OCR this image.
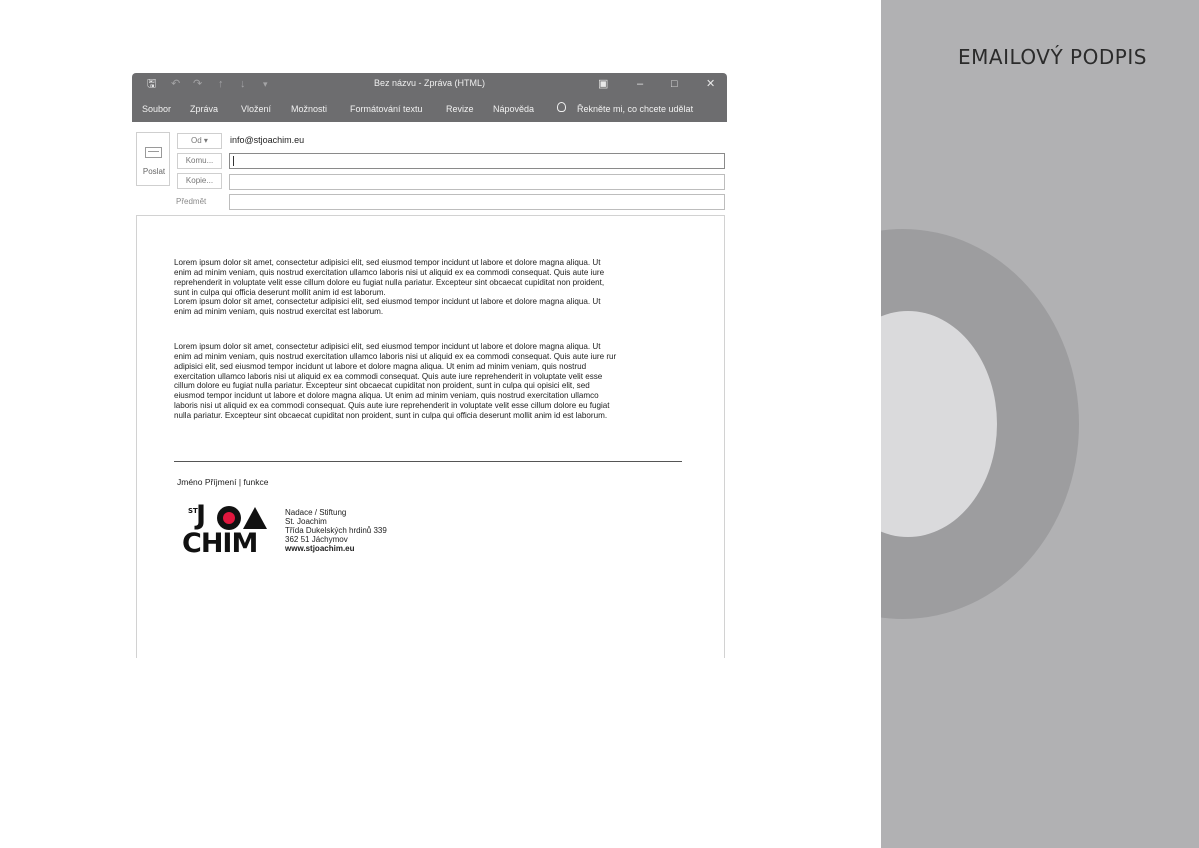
EMAILOVÝ PODPIS
🖫 ↶ ↷ ↑ ↓ ▾	Bez názvu - Zpráva (HTML)	▣	–	□	✕
Soubor Zpráva	Vložení Možnosti	Formátování textu	Revize Nápověda	Řekněte mi, co chcete udělat
Poslat
Od ▾	info@stjoachim.eu
Komu...
Kopie...
Předmět
Lorem ipsum dolor sit amet, consectetur adipisici elit, sed eiusmod tempor incidunt ut labore et dolore magna aliqua. Ut
enim ad minim veniam, quis nostrud exercitation ullamco laboris nisi ut aliquid ex ea commodi consequat. Quis aute iure
reprehenderit in voluptate velit esse cillum dolore eu fugiat nulla pariatur. Excepteur sint obcaecat cupiditat non proident,
sunt in culpa qui officia deserunt mollit anim id est laborum.
Lorem ipsum dolor sit amet, consectetur adipisici elit, sed eiusmod tempor incidunt ut labore et dolore magna aliqua. Ut
enim ad minim veniam, quis nostrud exercitat est laborum.
Lorem ipsum dolor sit amet, consectetur adipisici elit, sed eiusmod tempor incidunt ut labore et dolore magna aliqua. Ut
enim ad minim veniam, quis nostrud exercitation ullamco laboris nisi ut aliquid ex ea commodi consequat. Quis aute iure rur
adipisici elit, sed eiusmod tempor incidunt ut labore et dolore magna aliqua. Ut enim ad minim veniam, quis nostrud
exercitation ullamco laboris nisi ut aliquid ex ea commodi consequat. Quis aute iure reprehenderit in voluptate velit esse
cillum dolore eu fugiat nulla pariatur. Excepteur sint obcaecat cupiditat non proident, sunt in culpa qui opisici elit, sed
eiusmod tempor incidunt ut labore et dolore magna aliqua. Ut enim ad minim veniam, quis nostrud exercitation ullamco
laboris nisi ut aliquid ex ea commodi consequat. Quis aute iure reprehenderit in voluptate velit esse cillum dolore eu fugiat
nulla pariatur. Excepteur sint obcaecat cupiditat non proident, sunt in culpa qui officia deserunt mollit anim id est laborum.
Jméno Příjmení | funkce
ST
J
CHIM
Nadace / Stiftung
St. Joachim
Třída Dukelských hrdinů 339
362 51 Jáchymov
www.stjoachim.eu
